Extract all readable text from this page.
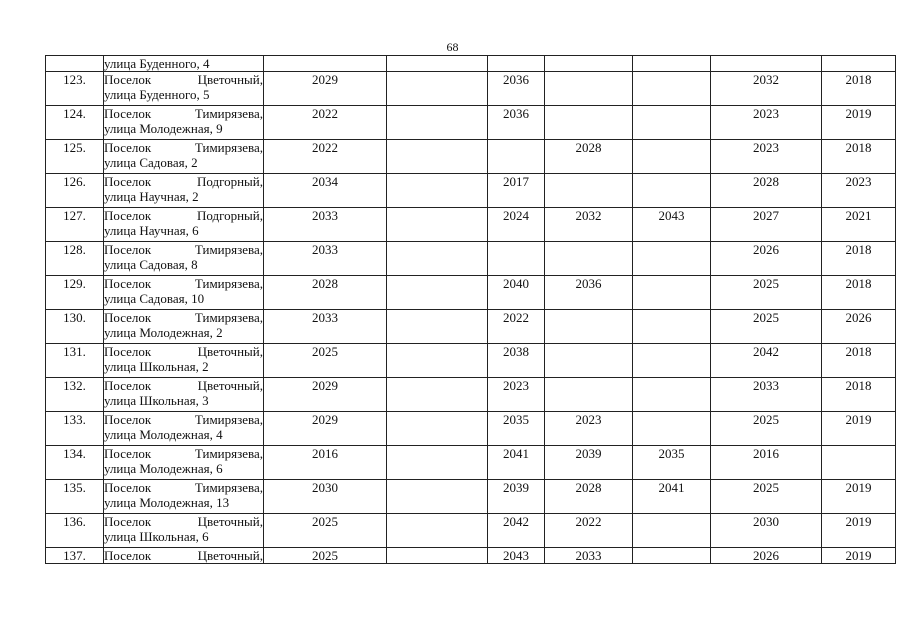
68

	улица Буденного, 4							

123.	Поселок Цветочный,
улица Буденного, 5	2029		2036			2032	2018
124.	Поселок Тимирязева,
улица Молодежная, 9	2022		2036			2023	2019
125.	Поселок Тимирязева,
улица Садовая, 2	2022			2028		2023	2018
126.	Поселок Подгорный,
улица Научная, 2	2034		2017			2028	2023
127.	Поселок Подгорный,
улица Научная, 6	2033		2024	2032	2043	2027	2021
128.	Поселок Тимирязева,
улица Садовая, 8	2033					2026	2018
129.	Поселок Тимирязева,
улица Садовая, 10	2028		2040	2036		2025	2018
130.	Поселок Тимирязева,
улица Молодежная, 2	2033		2022			2025	2026
131.	Поселок Цветочный,
улица Школьная, 2	2025		2038			2042	2018
132.	Поселок Цветочный,
улица Школьная, 3	2029		2023			2033	2018
133.	Поселок Тимирязева,
улица Молодежная, 4	2029		2035	2023		2025	2019
134.	Поселок Тимирязева,
улица Молодежная, 6	2016		2041	2039	2035	2016	
135.	Поселок Тимирязева,
улица Молодежная, 13	2030		2039	2028	2041	2025	2019
136.	Поселок Цветочный,
улица Школьная, 6	2025		2042	2022		2030	2019
137.	Поселок Цветочный,	2025		2043	2033		2026	2019
